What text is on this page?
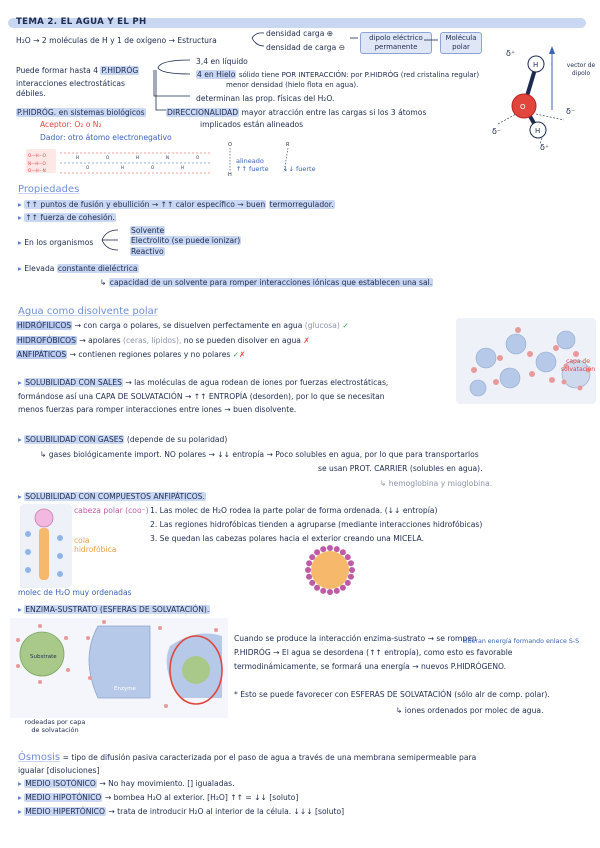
TEMA 2. EL AGUA Y EL PH
H₂O → 2 moléculas de H y 1 de oxígeno → Estructura
densidad carga ⊕
densidad de carga ⊖
dipolo eléctrico permanente
Molécula polar
Puede formar hasta 4 P.HIDRÓG
interacciones electrostáticas
débiles.
3,4 en líquido
4 en Hielo sólido tiene POR INTERACCIÓN: por P.HIDRÓG (red cristalina regular)
menor densidad (hielo flota en agua).
determinan las prop. físicas del H₂O.
DIRECCIONALIDAD mayor atracción entre las cargas si los 3 átomos
implicados están alineados
P.HIDRÓG. en sistemas biológicos
Aceptor: O₂ o N₂
Dador: otro átomo electronegativo
O—H···O
N—H···O
O—H···N
H	O	H	N	O
O	H	O	H
O
H
R
alineado
↑↑ fuerte ↓↓ fuerte
H
H
O
δ⁺
δ⁻
δ⁻
δ⁺
vector de dipolo
Propiedades
▸ ↑↑ puntos de fusión y ebullición → ↑↑ calor específico → buen termorregulador.
▸ ↑↑ fuerza de cohesión.
▸ En los organismos
Solvente
Electrolito (se puede ionizar)
Reactivo
▸ Elevada constante dieléctrica
↳ capacidad de un solvente para romper interacciones iónicas que establecen una sal.
Agua como disolvente polar
HIDRÓFILICOS → con carga o polares, se disuelven perfectamente en agua (glucosa) ✓
HIDROFÓBICOS → apolares (ceras, lípidos), no se pueden disolver en agua ✗
ANFIPÁTICOS → contienen regiones polares y no polares ✓✗
capa de solvatación
▸ SOLUBILIDAD CON SALES → las moléculas de agua rodean de iones por fuerzas electrostáticas,
formándose así una CAPA DE SOLVATACIÓN → ↑↑ ENTROPÍA (desorden), por lo que se necesitan
menos fuerzas para romper interacciones entre iones → buen disolvente.
▸ SOLUBILIDAD CON GASES (depende de su polaridad)
↳ gases biológicamente import. NO polares → ↓↓ entropía → Poco solubles en agua, por lo que para transportarlos
se usan PROT. CARRIER (solubles en agua).
↳ hemoglobina y mioglobina.
▸ SOLUBILIDAD CON COMPUESTOS ANFIPÁTICOS.
cabeza polar (coo⁻)
cola hidrofóbica
molec de H₂O muy ordenadas
1. Las molec de H₂O rodea la parte polar de forma ordenada. (↓↓ entropía)
2. Las regiones hidrofóbicas tienden a agruparse (mediante interacciones hidrofóbicas)
3. Se quedan las cabezas polares hacia el exterior creando una MICELA.
▸ ENZIMA-SUSTRATO (ESFERAS DE SOLVATACIÓN).
Substrate
Enzyme
rodeadas por capa de solvatación
Cuando se produce la interacción enzima-sustrato → se rompen
P.HIDRÓG → El agua se desordena (↑↑ entropía), como esto es favorable
liberan energía formando enlace S-S
termodinámicamente, se formará una energía → nuevos P.HIDRÓGENO.
* Esto se puede favorecer con ESFERAS DE SOLVATACIÓN (sólo alr de comp. polar).
↳ iones ordenados por molec de agua.
Ósmosis = tipo de difusión pasiva caracterizada por el paso de agua a través de una membrana semipermeable para
igualar [disoluciones]
▸ MEDIO ISOTÓNICO → No hay movimiento. [] igualadas.
▸ MEDIO HIPOTÓNICO → bombea H₂O al exterior. [H₂O] ↑↑ = ↓↓ [soluto]
▸ MEDIO HIPERTÓNICO → trata de introducir H₂O al interior de la célula. ↓↓↓ [soluto]
